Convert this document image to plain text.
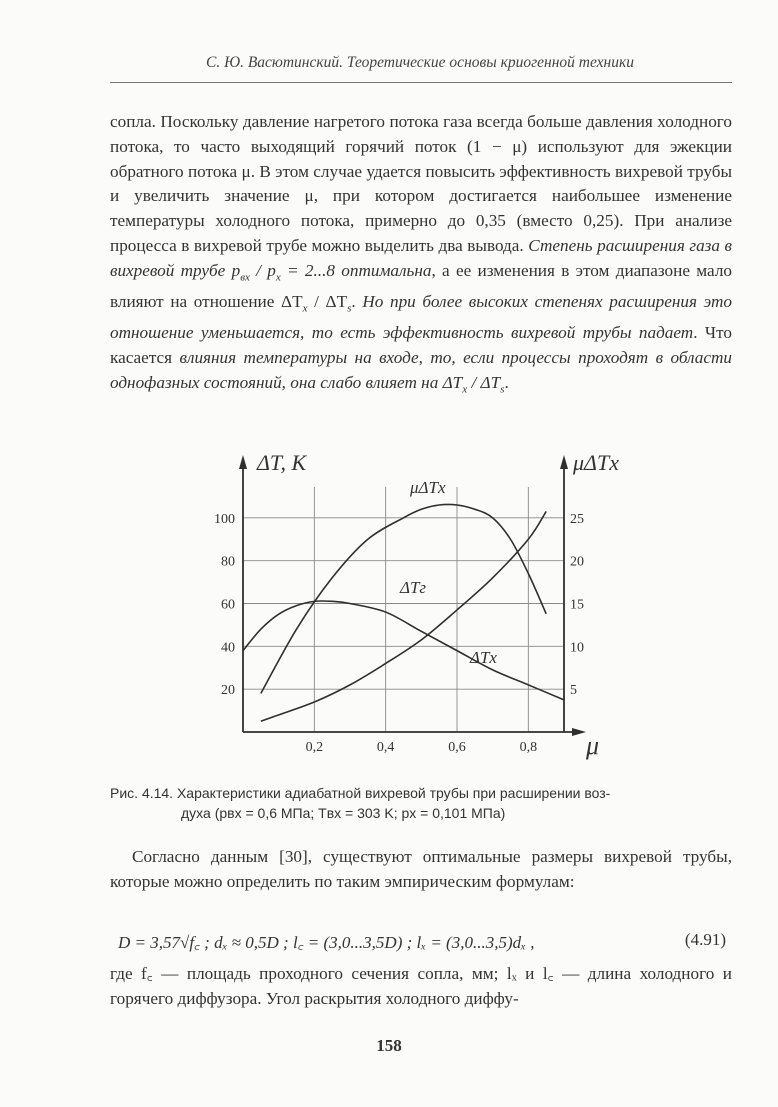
С. Ю. Васютинский. Теоретические основы криогенной техники

сопла. Поскольку давление нагретого потока газа всегда больше давления холодного потока, то часто выходящий горячий поток (1 − μ) используют для эжекции обратного потока μ. В этом случае удается повысить эффективность вихревой трубы и увеличить значение μ, при котором достигается наибольшее изменение температуры холодного потока, примерно до 0,35 (вместо 0,25). При анализе процесса в вихревой трубе можно выделить два вывода. Степень расширения газа в вихревой трубе $p_{вх} / p_х = 2...8$ оптимальна, а ее изменения в этом диапазоне мало влияют на отношение $\Delta T_х / \Delta T_s$. Но при более высоких степенях расширения это отношение уменьшается, то есть эффективность вихревой трубы падает. Что касается влияния температуры на входе, то, если процессы проходят в области однофазных состояний, она слабо влияет на $\Delta T_х / \Delta T_s$.

0,2	0,4	0,6	0,8
20
40
60
80
100
5
10
15
20
25
ΔT, K	μΔTх
μ
μΔTх
ΔTг
ΔTх
Рис. 4.14. Характеристики адиабатной вихревой трубы при расширении воз-
духа (pвх = 0,6 МПа; Tвх = 303 K; pх = 0,101 МПа)
Согласно данным [30], существуют оптимальные размеры вихревой трубы, которые можно определить по таким эмпирическим формулам:
D = 3,57√f꜀ ; dₓ ≈ 0,5D ; l꜀ = (3,0...3,5D) ; lₓ = (3,0...3,5)dₓ ,	(4.91)
где f꜀ — площадь проходного сечения сопла, мм; lₓ и l꜀ — длина холодного и горячего диффузора. Угол раскрытия холодного диффу-
158
